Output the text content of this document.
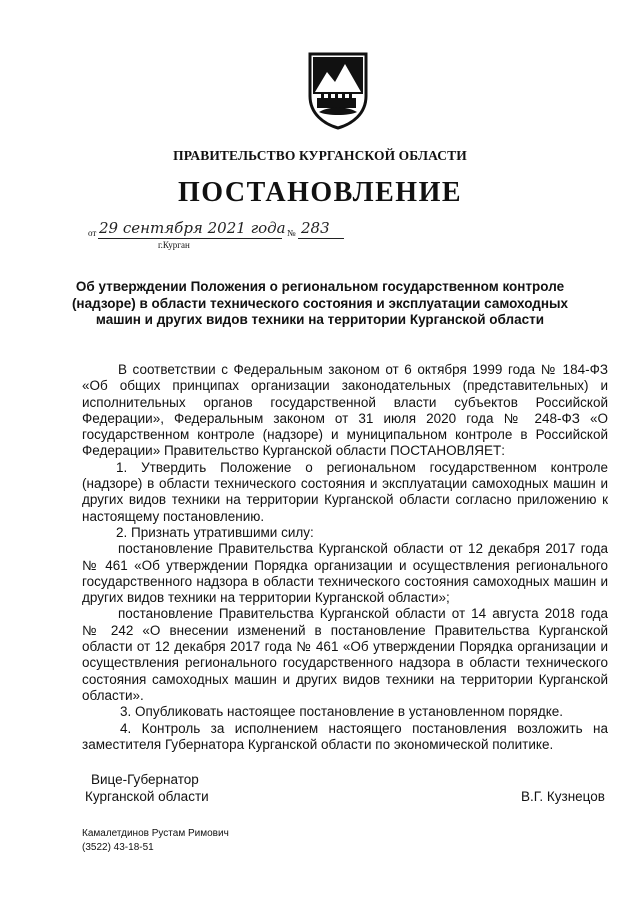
ПРАВИТЕЛЬСТВО КУРГАНСКОЙ ОБЛАСТИ
ПОСТАНОВЛЕНИЕ
от 29 сентября 2021 года № 283
г.Курган
Об утверждении Положения о региональном государственном контроле (надзоре) в области технического состояния и эксплуатации самоходных машин и других видов техники на территории Курганской области

В соответствии с Федеральным законом от 6 октября 1999 года № 184-ФЗ «Об общих принципах организации законодательных (представительных) и исполнительных органов государственной власти субъектов Российской Федерации», Федеральным законом от 31 июля 2020 года № 248-ФЗ «О государственном контроле (надзоре) и муниципальном контроле в Российской Федерации» Правительство Курганской области ПОСТАНОВЛЯЕТ:

1. Утвердить Положение о региональном государственном контроле (надзоре) в области технического состояния и эксплуатации самоходных машин и других видов техники на территории Курганской области согласно приложению к настоящему постановлению.

2. Признать утратившими силу:

постановление Правительства Курганской области от 12 декабря 2017 года № 461 «Об утверждении Порядка организации и осуществления регионального государственного надзора в области технического состояния самоходных машин и других видов техники на территории Курганской области»;

постановление Правительства Курганской области от 14 августа 2018 года № 242 «О внесении изменений в постановление Правительства Курганской области от 12 декабря 2017 года № 461 «Об утверждении Порядка организации и осуществления регионального государственного надзора в области технического состояния самоходных машин и других видов техники на территории Курганской области».

3. Опубликовать настоящее постановление в установленном порядке.

4. Контроль за исполнением настоящего постановления возложить на заместителя Губернатора Курганской области по экономической политике.

Вице-Губернатор
Курганской области	В.Г. Кузнецов
Камалетдинов Рустам Римович
(3522) 43-18-51
